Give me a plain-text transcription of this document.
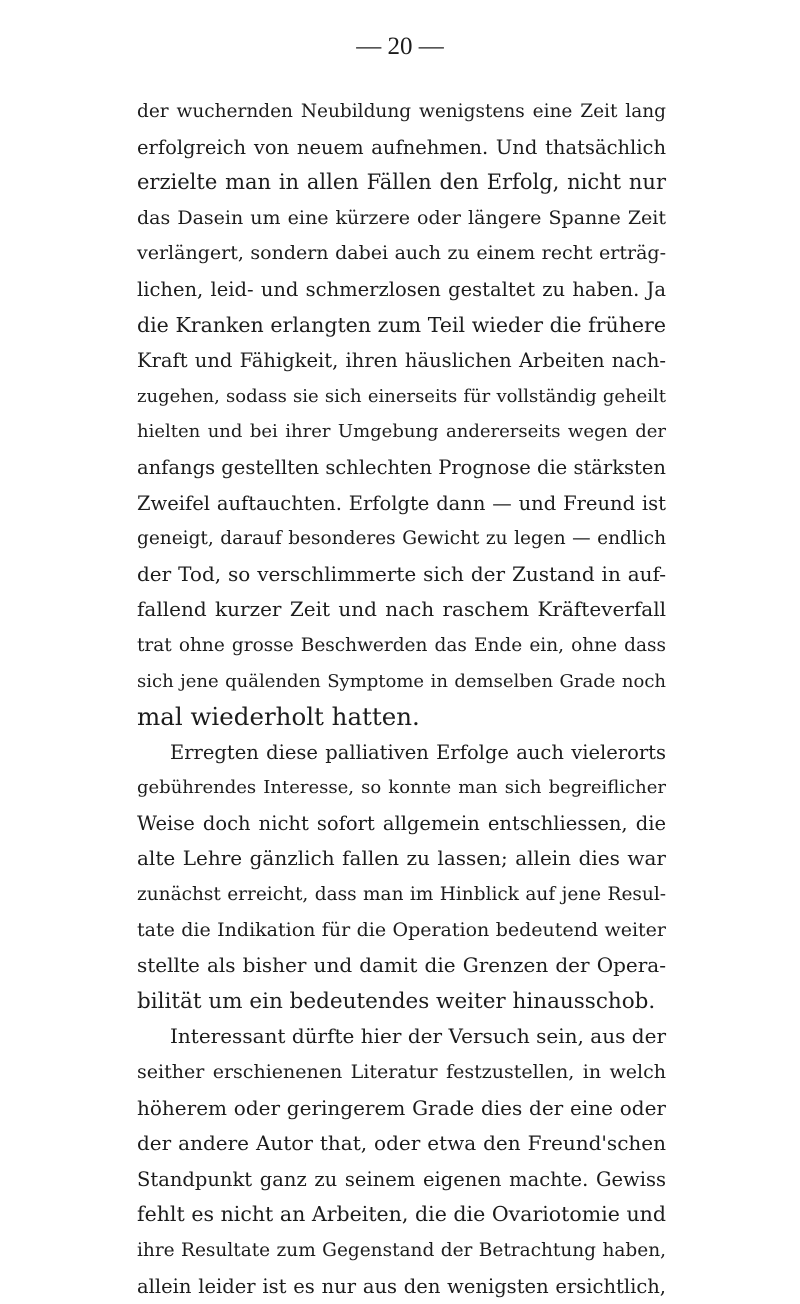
— 20 —
der wuchernden Neubildung wenigstens eine Zeit lang
erfolgreich von neuem aufnehmen. Und thatsächlich
erzielte man in allen Fällen den Erfolg, nicht nur
das Dasein um eine kürzere oder längere Spanne Zeit
verlängert, sondern dabei auch zu einem recht erträg-
lichen, leid- und schmerzlosen gestaltet zu haben. Ja
die Kranken erlangten zum Teil wieder die frühere
Kraft und Fähigkeit, ihren häuslichen Arbeiten nach-
zugehen, sodass sie sich einerseits für vollständig geheilt
hielten und bei ihrer Umgebung andererseits wegen der
anfangs gestellten schlechten Prognose die stärksten
Zweifel auftauchten. Erfolgte dann — und Freund ist
geneigt, darauf besonderes Gewicht zu legen — endlich
der Tod, so verschlimmerte sich der Zustand in auf-
fallend kurzer Zeit und nach raschem Kräfteverfall
trat ohne grosse Beschwerden das Ende ein, ohne dass
sich jene quälenden Symptome in demselben Grade noch
mal wiederholt hatten.
Erregten diese palliativen Erfolge auch vielerorts
gebührendes Interesse, so konnte man sich begreiflicher
Weise doch nicht sofort allgemein entschliessen, die
alte Lehre gänzlich fallen zu lassen; allein dies war
zunächst erreicht, dass man im Hinblick auf jene Resul-
tate die Indikation für die Operation bedeutend weiter
stellte als bisher und damit die Grenzen der Opera-
bilität um ein bedeutendes weiter hinausschob.
Interessant dürfte hier der Versuch sein, aus der
seither erschienenen Literatur festzustellen, in welch
höherem oder geringerem Grade dies der eine oder
der andere Autor that, oder etwa den Freund'schen
Standpunkt ganz zu seinem eigenen machte. Gewiss
fehlt es nicht an Arbeiten, die die Ovariotomie und
ihre Resultate zum Gegenstand der Betrachtung haben,
allein leider ist es nur aus den wenigsten ersichtlich,
